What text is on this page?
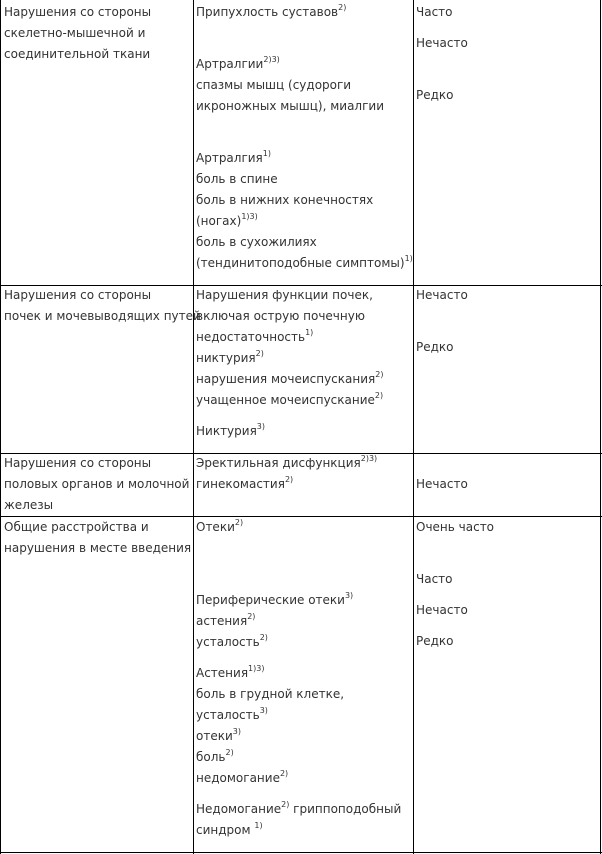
Нарушения со стороны
скелетно-мышечной и
соединительной ткани
Припухлость суставов$^{2)}$
Артралгии$^{2)3)}$
спазмы мышц (судороги
икроножных мышц), миалгии
Артралгия$^{1)}$
боль в спине
боль в нижних конечностях
(ногах)$^{1)3)}$
боль в сухожилиях
(тендинитоподобные симптомы)$^{1)}$
Часто
Нечасто
Редко
Нарушения со стороны
почек и мочевыводящих путей
Нарушения функции почек,
включая острую почечную
недостаточность$^{1)}$
никтурия$^{2)}$
нарушения мочеиспускания$^{2)}$
учащенное мочеиспускание$^{2)}$
Никтурия$^{3)}$
Нечасто
Редко
Нарушения со стороны
половых органов и молочной
железы
Эректильная дисфункция$^{2)3)}$
гинекомастия$^{2)}$	Нечасто
Общие расстройства и
нарушения в месте введения
Отеки$^{2)}$
Периферические отеки$^{3)}$
астения$^{2)}$
усталость$^{2)}$
Астения$^{1)3)}$
боль в грудной клетке,
усталость$^{3)}$
отеки$^{3)}$
боль$^{2)}$
недомогание$^{2)}$
Недомогание$^{2)}$ гриппоподобный
синдром $^{1)}$
Очень часто
Часто
Нечасто
Редко
